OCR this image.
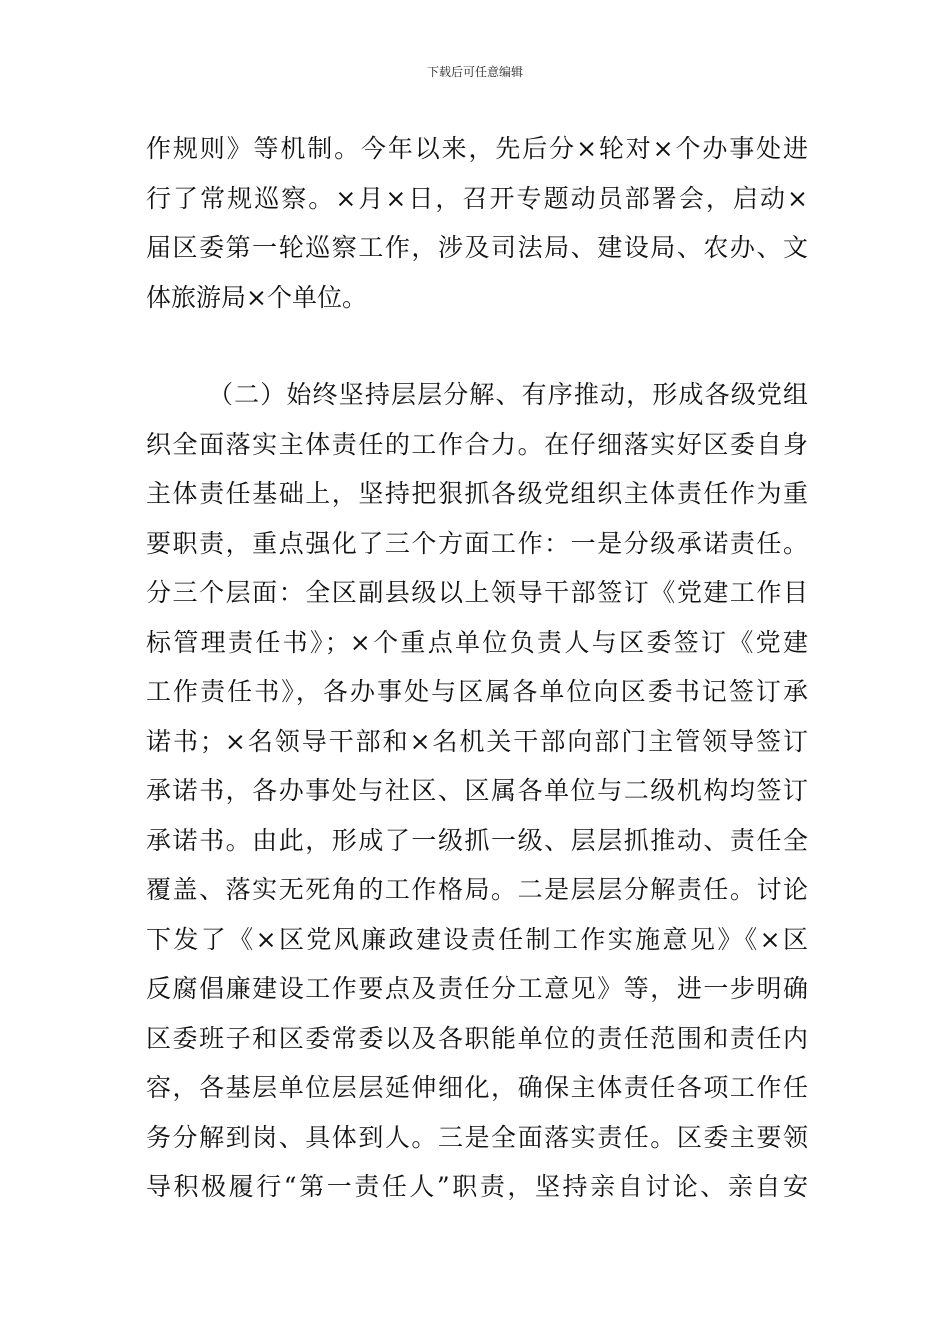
下载后可任意编辑
作规则》等机制。今年以来，先后分×轮对×个办事处进
行了常规巡察。×月×日，召开专题动员部署会，启动×
届区委第一轮巡察工作，涉及司法局、建设局、农办、文
体旅游局×个单位。
（二）始终坚持层层分解、有序推动，形成各级党组
织全面落实主体责任的工作合力。在仔细落实好区委自身
主体责任基础上，坚持把狠抓各级党组织主体责任作为重
要职责，重点强化了三个方面工作：一是分级承诺责任。
分三个层面：全区副县级以上领导干部签订《党建工作目
标管理责任书》；×个重点单位负责人与区委签订《党建
工作责任书》，各办事处与区属各单位向区委书记签订承
诺书；×名领导干部和×名机关干部向部门主管领导签订
承诺书，各办事处与社区、区属各单位与二级机构均签订
承诺书。由此，形成了一级抓一级、层层抓推动、责任全
覆盖、落实无死角的工作格局。二是层层分解责任。讨论
下发了《×区党风廉政建设责任制工作实施意见》《×区
反腐倡廉建设工作要点及责任分工意见》等，进一步明确
区委班子和区委常委以及各职能单位的责任范围和责任内
容，各基层单位层层延伸细化，确保主体责任各项工作任
务分解到岗、具体到人。三是全面落实责任。区委主要领
导积极履行“第一责任人”职责，坚持亲自讨论、亲自安
